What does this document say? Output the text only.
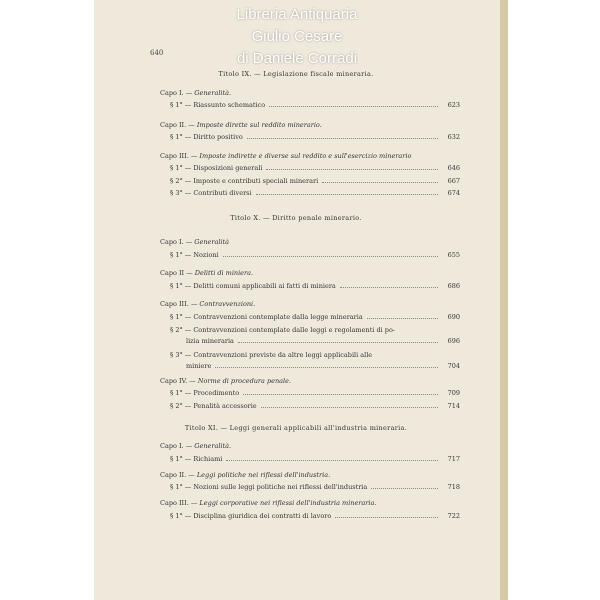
Libreria Antiquaria
Giulio Cesare
di Daniele Corradi
640
Titolo IX. — Legislazione fiscale mineraria.
Capo I. — Generalità.
§ 1° — Riassunto schematico	623
Capo II. — Imposte dirette sul reddito minerario.
§ 1° — Diritto positivo	632
Capo III. — Imposte indirette e diverse sul reddito e sull'esercizio minerario
§ 1° — Disposizioni generali	646
§ 2° — Imposte e contributi speciali minerari	667
§ 3° — Contributi diversi	674
Titolo X. — Diritto penale minerario.
Capo I. — Generalità
§ 1° — Nozioni	655
Capo II — Delitti di miniera.
§ 1° — Delitti comuni applicabili ai fatti di miniera	686
Capo III. — Contravvenzioni.
§ 1° — Contravvenzioni contemplate dalla legge mineraria	690
§ 2° — Contravvenzioni contemplate dalle leggi e regolamenti di po-
lizia mineraria	696
§ 3° — Contravvenzioni previste da altre leggi applicabili alle
miniere	704
Capo IV. — Norme di procedura penale.
§ 1° — Procedimento	709
§ 2° — Penalità accessorie	714
Titolo XI. — Leggi generali applicabili all'industria mineraria.
Capo I. — Generalità.
§ 1° — Richiami	717
Capo II. — Leggi politiche nei riflessi dell'industria.
§ 1° — Nozioni sulle leggi politiche nei riflessi dell'industria	718
Capo III. — Leggi corporative nei riflessi dell'industria mineraria.
§ 1° — Disciplina giuridica dei contratti di lavoro	722
